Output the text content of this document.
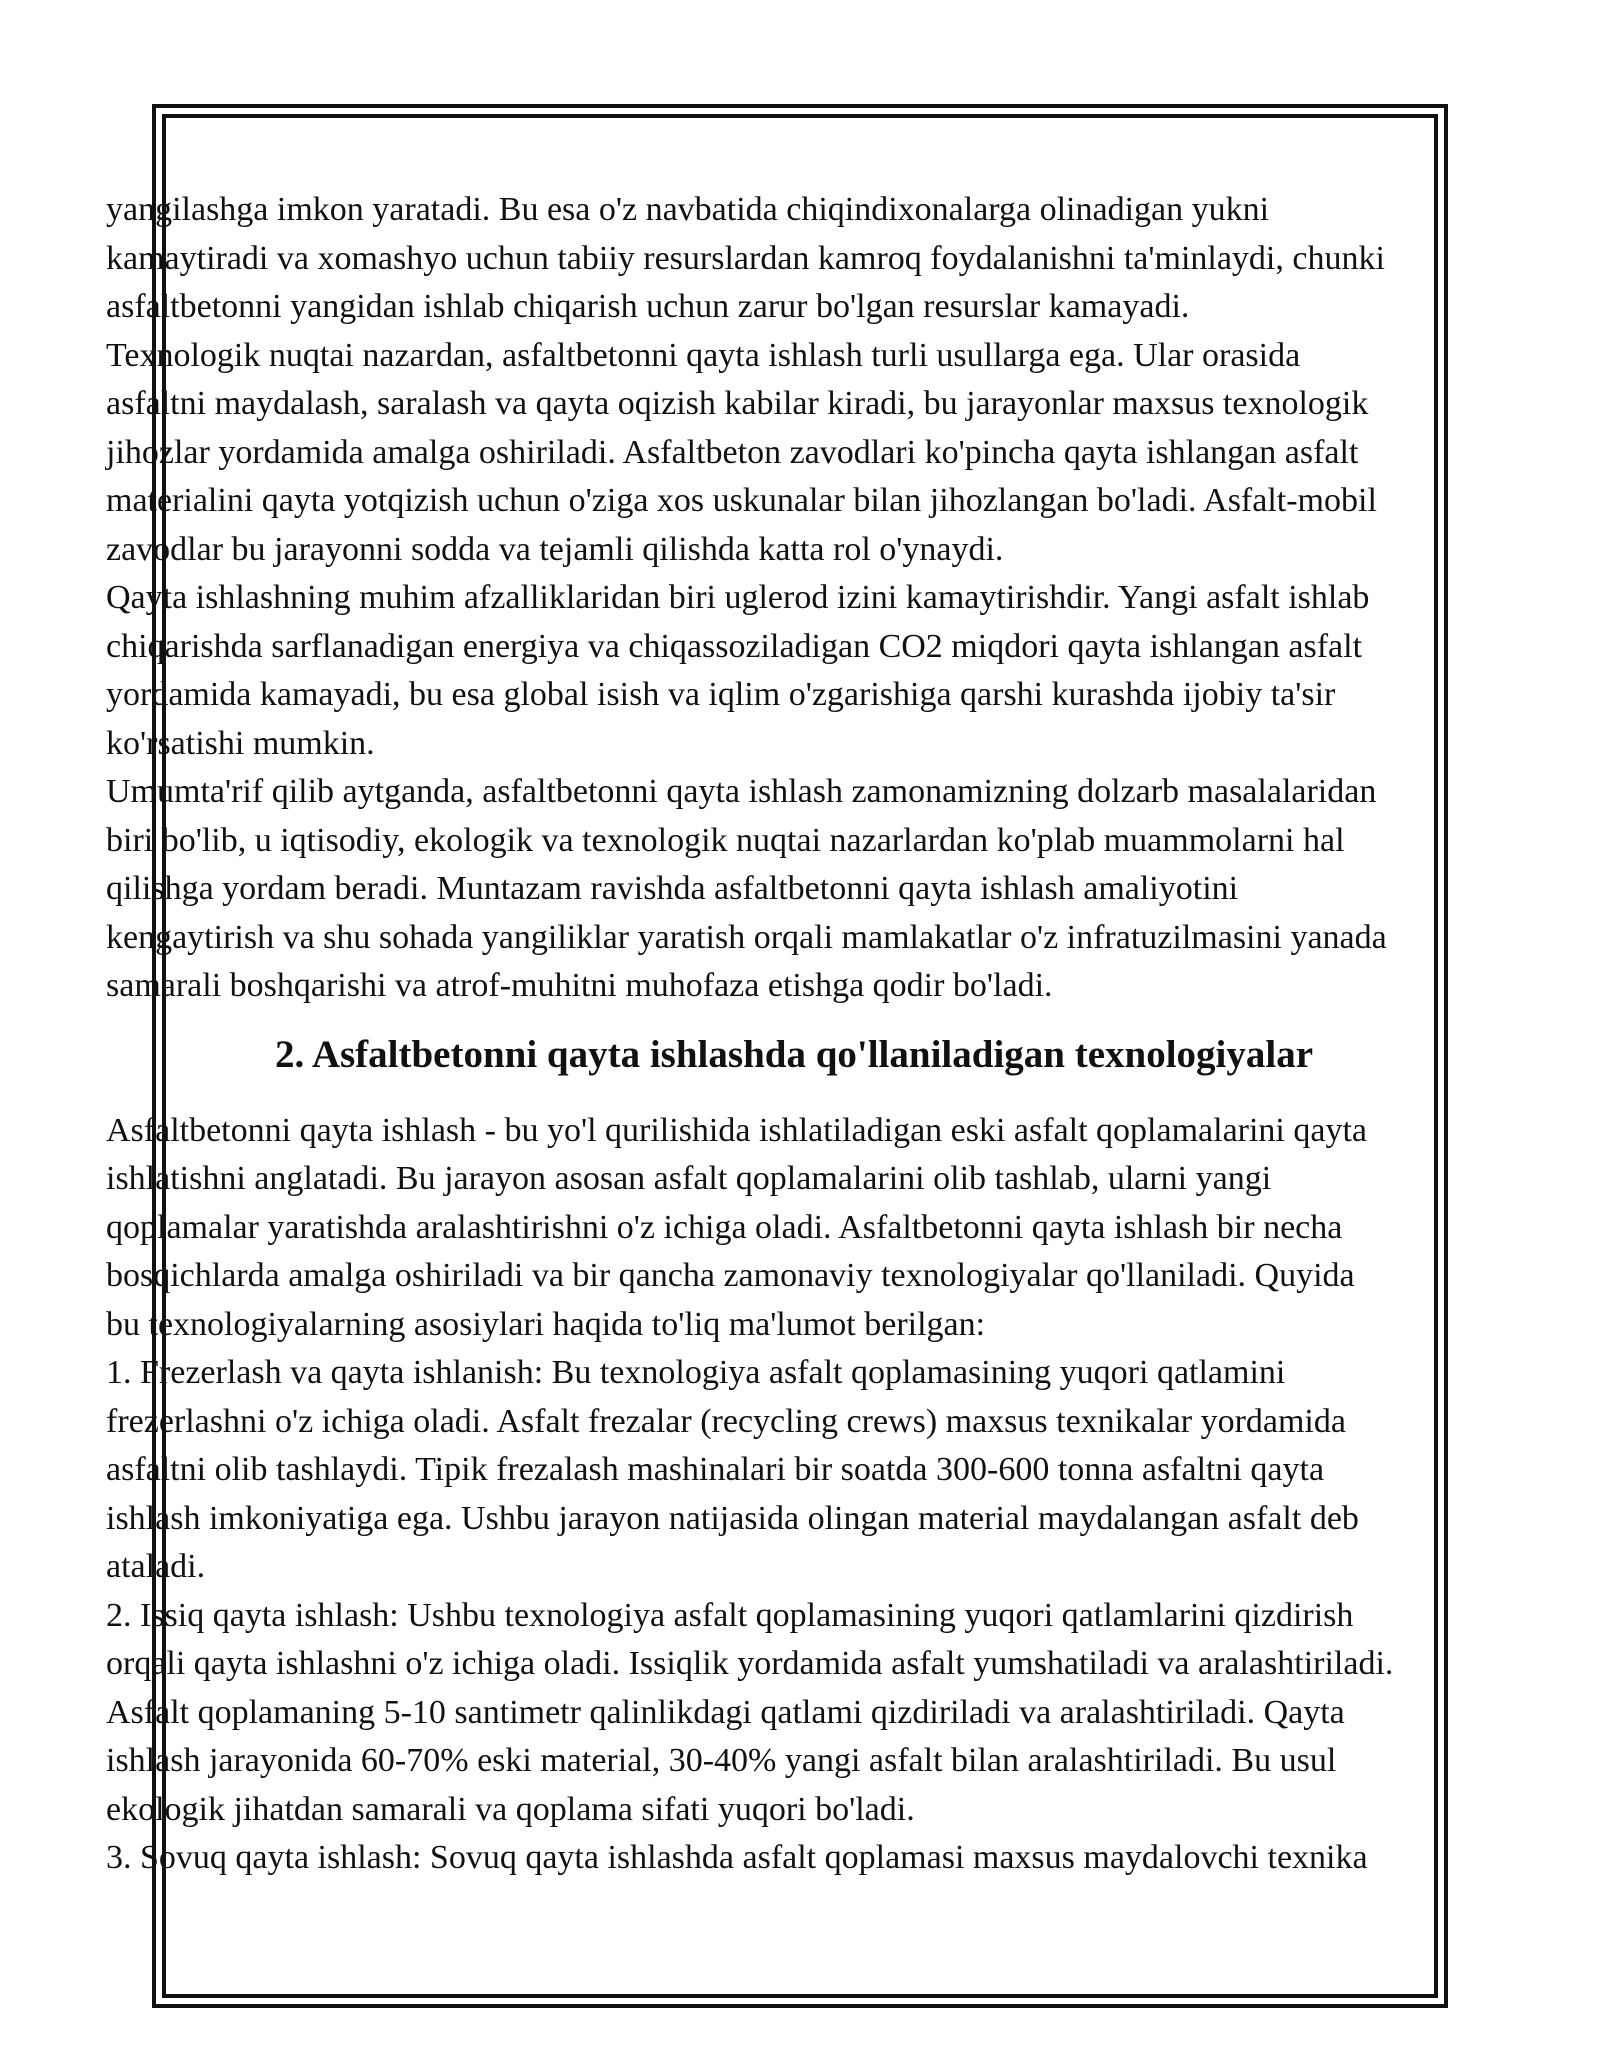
yangilashga imkon yaratadi. Bu esa o'z navbatida chiqindixonalarga olinadigan yukni

kamaytiradi va xomashyo uchun tabiiy resurslardan kamroq foydalanishni ta'minlaydi, chunki

asfaltbetonni yangidan ishlab chiqarish uchun zarur bo'lgan resurslar kamayadi.

Texnologik nuqtai nazardan, asfaltbetonni qayta ishlash turli usullarga ega. Ular orasida

asfaltni maydalash, saralash va qayta oqizish kabilar kiradi, bu jarayonlar maxsus texnologik

jihozlar yordamida amalga oshiriladi. Asfaltbeton zavodlari ko'pincha qayta ishlangan asfalt

materialini qayta yotqizish uchun o'ziga xos uskunalar bilan jihozlangan bo'ladi. Asfalt-mobil

zavodlar bu jarayonni sodda va tejamli qilishda katta rol o'ynaydi.

Qayta ishlashning muhim afzalliklaridan biri uglerod izini kamaytirishdir. Yangi asfalt ishlab

chiqarishda sarflanadigan energiya va chiqassoziladigan CO2 miqdori qayta ishlangan asfalt

yordamida kamayadi, bu esa global isish va iqlim o'zgarishiga qarshi kurashda ijobiy ta'sir

ko'rsatishi mumkin.

Umumta'rif qilib aytganda, asfaltbetonni qayta ishlash zamonamizning dolzarb masalalaridan

biri bo'lib, u iqtisodiy, ekologik va texnologik nuqtai nazarlardan ko'plab muammolarni hal

qilishga yordam beradi. Muntazam ravishda asfaltbetonni qayta ishlash amaliyotini

kengaytirish va shu sohada yangiliklar yaratish orqali mamlakatlar o'z infratuzilmasini yanada

samarali boshqarishi va atrof-muhitni muhofaza etishga qodir bo'ladi.

2. Asfaltbetonni qayta ishlashda qo'llaniladigan texnologiyalar

Asfaltbetonni qayta ishlash - bu yo'l qurilishida ishlatiladigan eski asfalt qoplamalarini qayta

ishlatishni anglatadi. Bu jarayon asosan asfalt qoplamalarini olib tashlab, ularni yangi

qoplamalar yaratishda aralashtirishni o'z ichiga oladi. Asfaltbetonni qayta ishlash bir necha

bosqichlarda amalga oshiriladi va bir qancha zamonaviy texnologiyalar qo'llaniladi. Quyida

bu texnologiyalarning asosiylari haqida to'liq ma'lumot berilgan:

1. Frezerlash va qayta ishlanish: Bu texnologiya asfalt qoplamasining yuqori qatlamini

frezerlashni o'z ichiga oladi. Asfalt frezalar (recycling crews) maxsus texnikalar yordamida

asfaltni olib tashlaydi. Tipik frezalash mashinalari bir soatda 300-600 tonna asfaltni qayta

ishlash imkoniyatiga ega. Ushbu jarayon natijasida olingan material maydalangan asfalt deb

ataladi.

2. Issiq qayta ishlash: Ushbu texnologiya asfalt qoplamasining yuqori qatlamlarini qizdirish

orqali qayta ishlashni o'z ichiga oladi. Issiqlik yordamida asfalt yumshatiladi va aralashtiriladi.

Asfalt qoplamaning 5-10 santimetr qalinlikdagi qatlami qizdiriladi va aralashtiriladi. Qayta

ishlash jarayonida 60-70% eski material, 30-40% yangi asfalt bilan aralashtiriladi. Bu usul

ekologik jihatdan samarali va qoplama sifati yuqori bo'ladi.

3. Sovuq qayta ishlash: Sovuq qayta ishlashda asfalt qoplamasi maxsus maydalovchi texnika
